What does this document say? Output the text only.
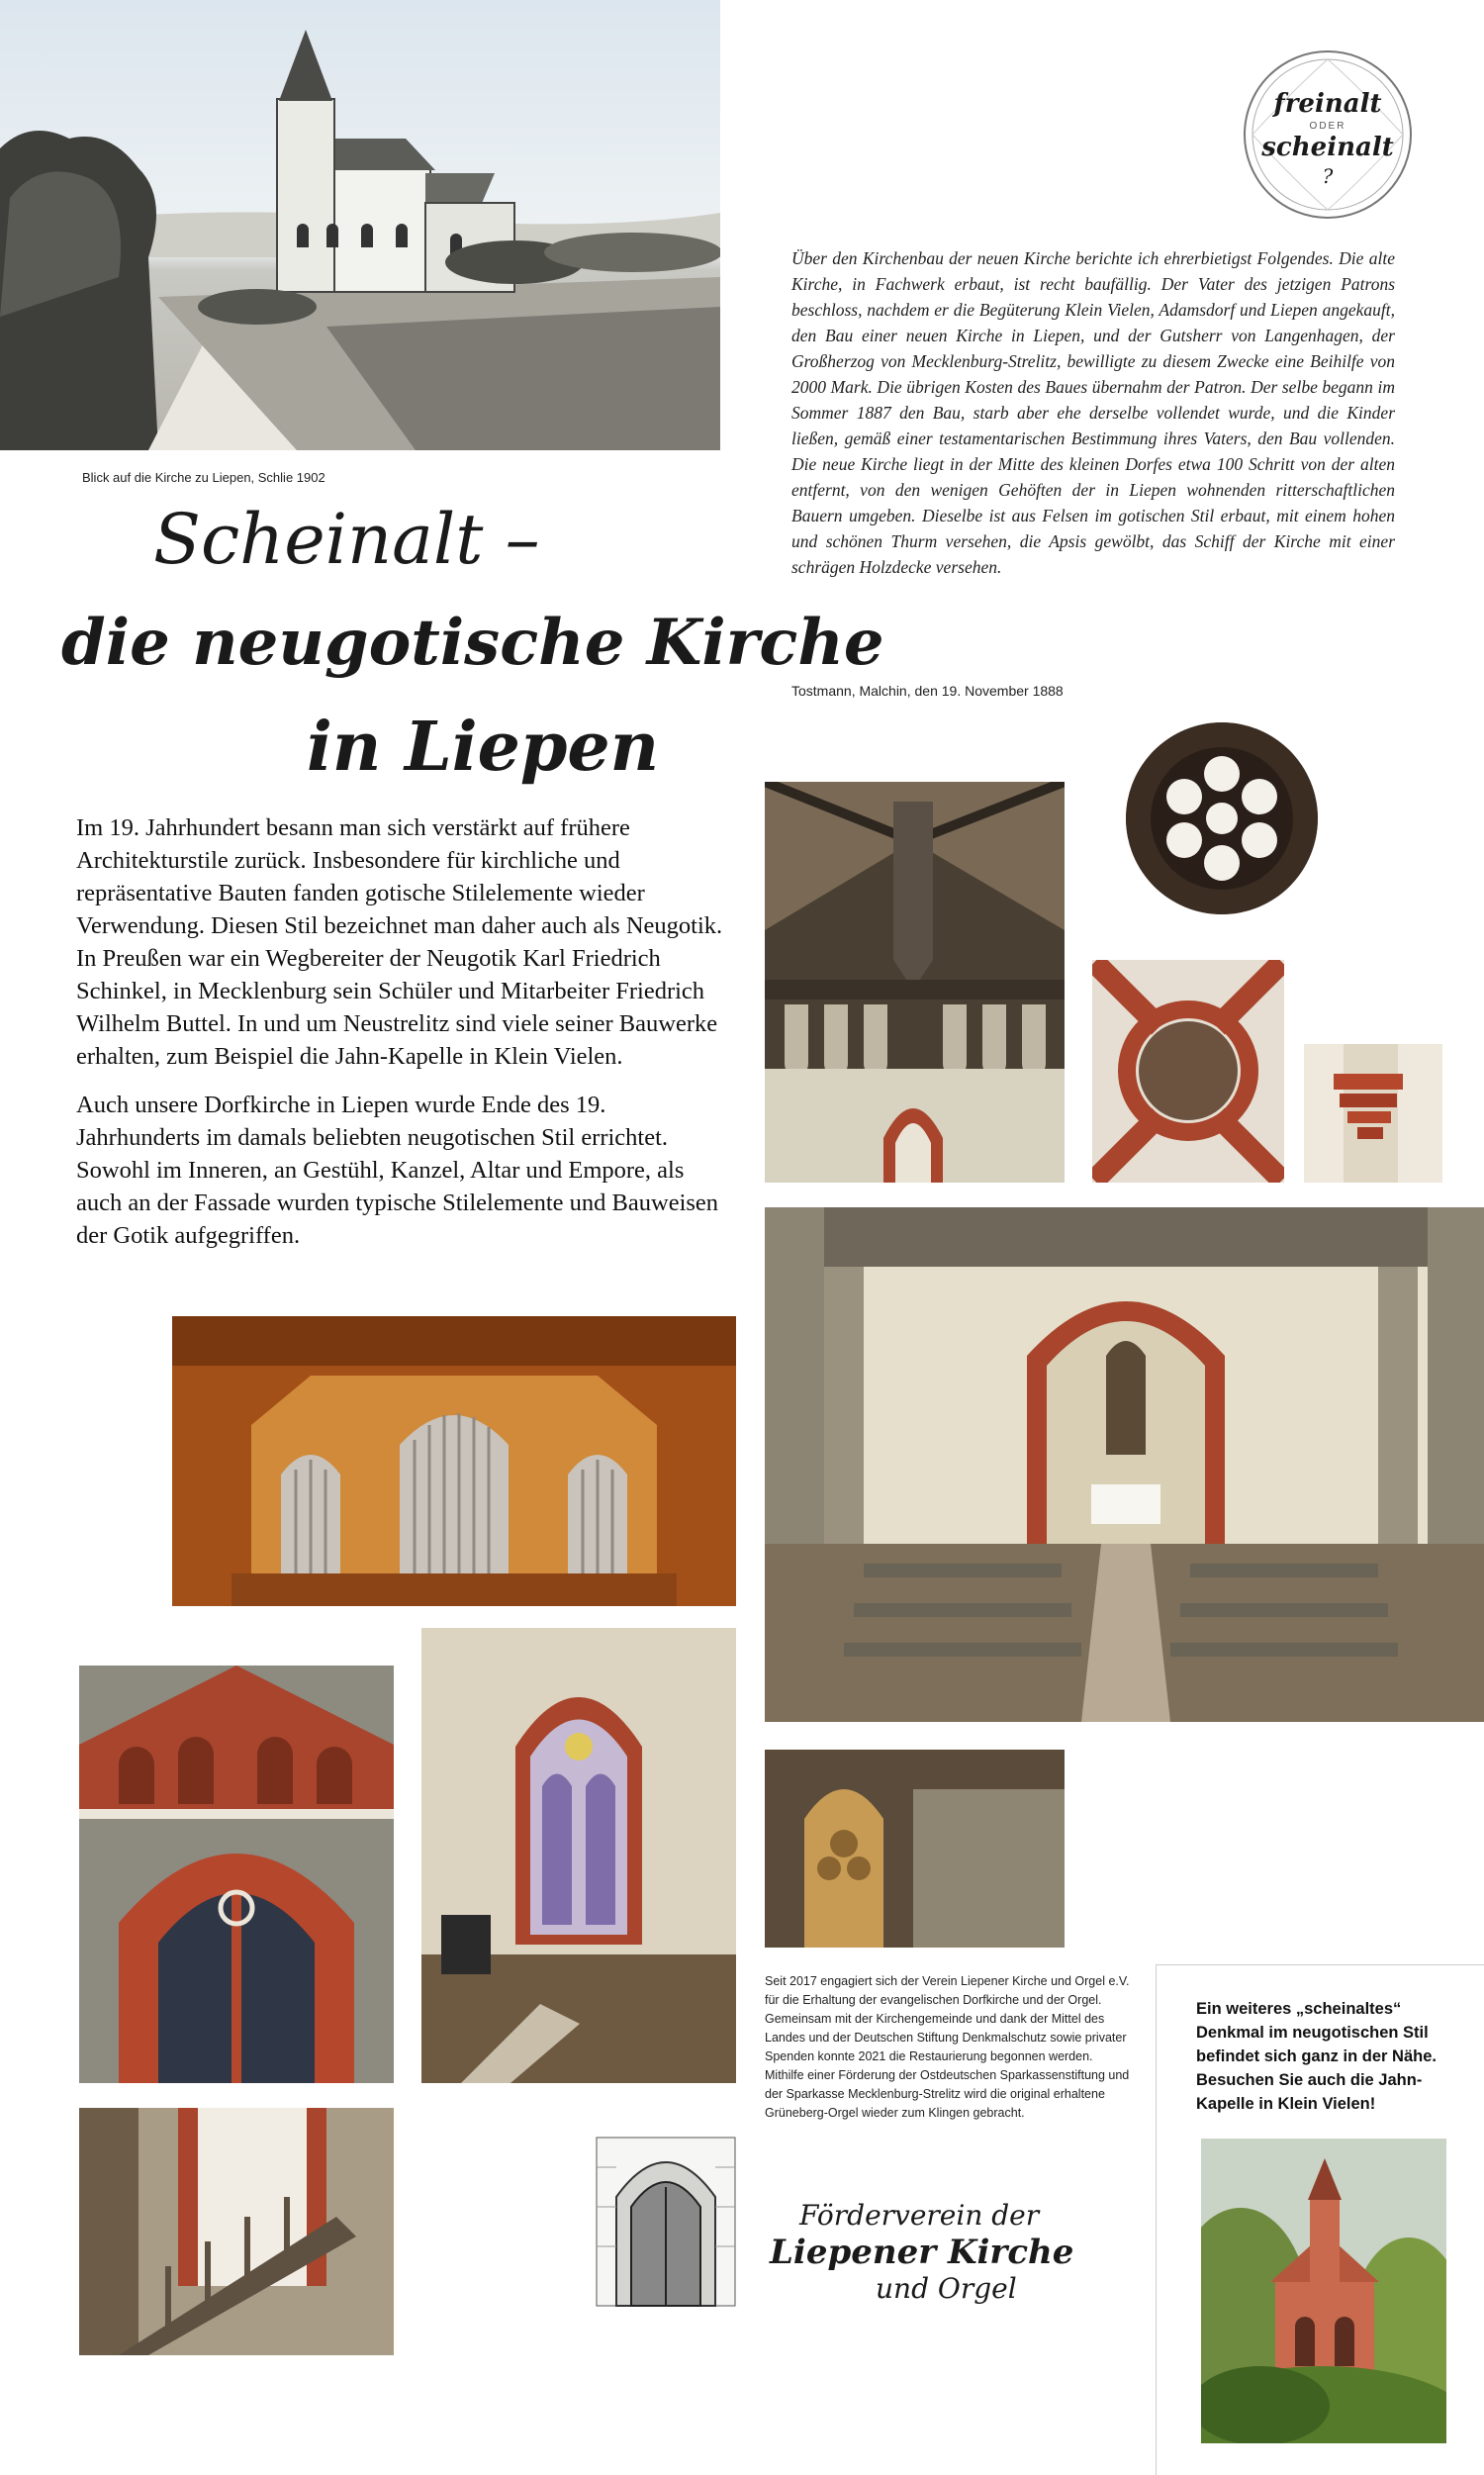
Blick auf die Kirche zu Liepen, Schlie 1902
freinalt
ODER
scheinalt
?
Über den Kirchenbau der neuen Kirche berichte ich ehrerbietigst Folgendes. Die alte Kirche, in Fachwerk erbaut, ist recht baufällig. Der Vater des jetzigen Patrons beschloss, nachdem er die Begüterung Klein Vielen, Adamsdorf und Liepen angekauft, den Bau einer neuen Kirche in Liepen, und der Gutsherr von Langenhagen, der Großherzog von Mecklenburg-Strelitz, bewilligte zu diesem Zwecke eine Beihilfe von 2000 Mark. Die übrigen Kosten des Baues übernahm der Patron. Der selbe begann im Sommer 1887 den Bau, starb aber ehe derselbe vollendet wurde, und die Kinder ließen, gemäß einer testamentarischen Bestimmung ihres Vaters, den Bau vollenden. Die neue Kirche liegt in der Mitte des kleinen Dorfes etwa 100 Schritt von der alten entfernt, von den wenigen Gehöften der in Liepen wohnenden ritterschaftlichen Bauern umgeben. Dieselbe ist aus Felsen im gotischen Stil erbaut, mit einem hohen und schönen Thurm versehen, die Apsis gewölbt, das Schiff der Kirche mit einer schrägen Holzdecke versehen.
Tostmann, Malchin, den 19. November 1888
Scheinalt –
die neugotische Kirche
in Liepen

Im 19. Jahrhundert besann man sich verstärkt auf frühere Architekturstile zurück. Insbesondere für kirchliche und repräsentative Bauten fanden gotische Stilelemente wieder Verwendung. Diesen Stil bezeichnet man daher auch als Neugotik. In Preußen war ein Wegbereiter der Neugotik Karl Friedrich Schinkel, in Mecklenburg sein Schüler und Mitarbeiter Friedrich Wilhelm Buttel. In und um Neustrelitz sind viele seiner Bauwerke erhalten, zum Beispiel die Jahn-Kapelle in Klein Vielen.

Auch unsere Dorfkirche in Liepen wurde Ende des 19. Jahrhunderts im damals beliebten neugotischen Stil errichtet. Sowohl im Inneren, an Gestühl, Kanzel, Altar und Empore, als auch an der Fassade wurden typische Stilelemente und Bauweisen der Gotik aufgegriffen.

Seit 2017 engagiert sich der Verein Liepener Kirche und Orgel e.V. für die Erhaltung der evangelischen Dorfkirche und der Orgel. Gemeinsam mit der Kirchengemeinde und dank der Mittel des Landes und der Deutschen Stiftung Denkmalschutz sowie privater Spenden konnte 2021 die Restaurierung begonnen werden. Mithilfe einer Förderung der Ostdeutschen Sparkassenstiftung und der Sparkasse Mecklenburg-Strelitz wird die original erhaltene Grüneberg-Orgel wieder zum Klingen gebracht.
Förderverein der
Liepener Kirche
und Orgel
Ein weiteres „scheinaltes“ Denkmal im neugotischen Stil befindet sich ganz in der Nähe. Besuchen Sie auch die Jahn-Kapelle in Klein Vielen!
